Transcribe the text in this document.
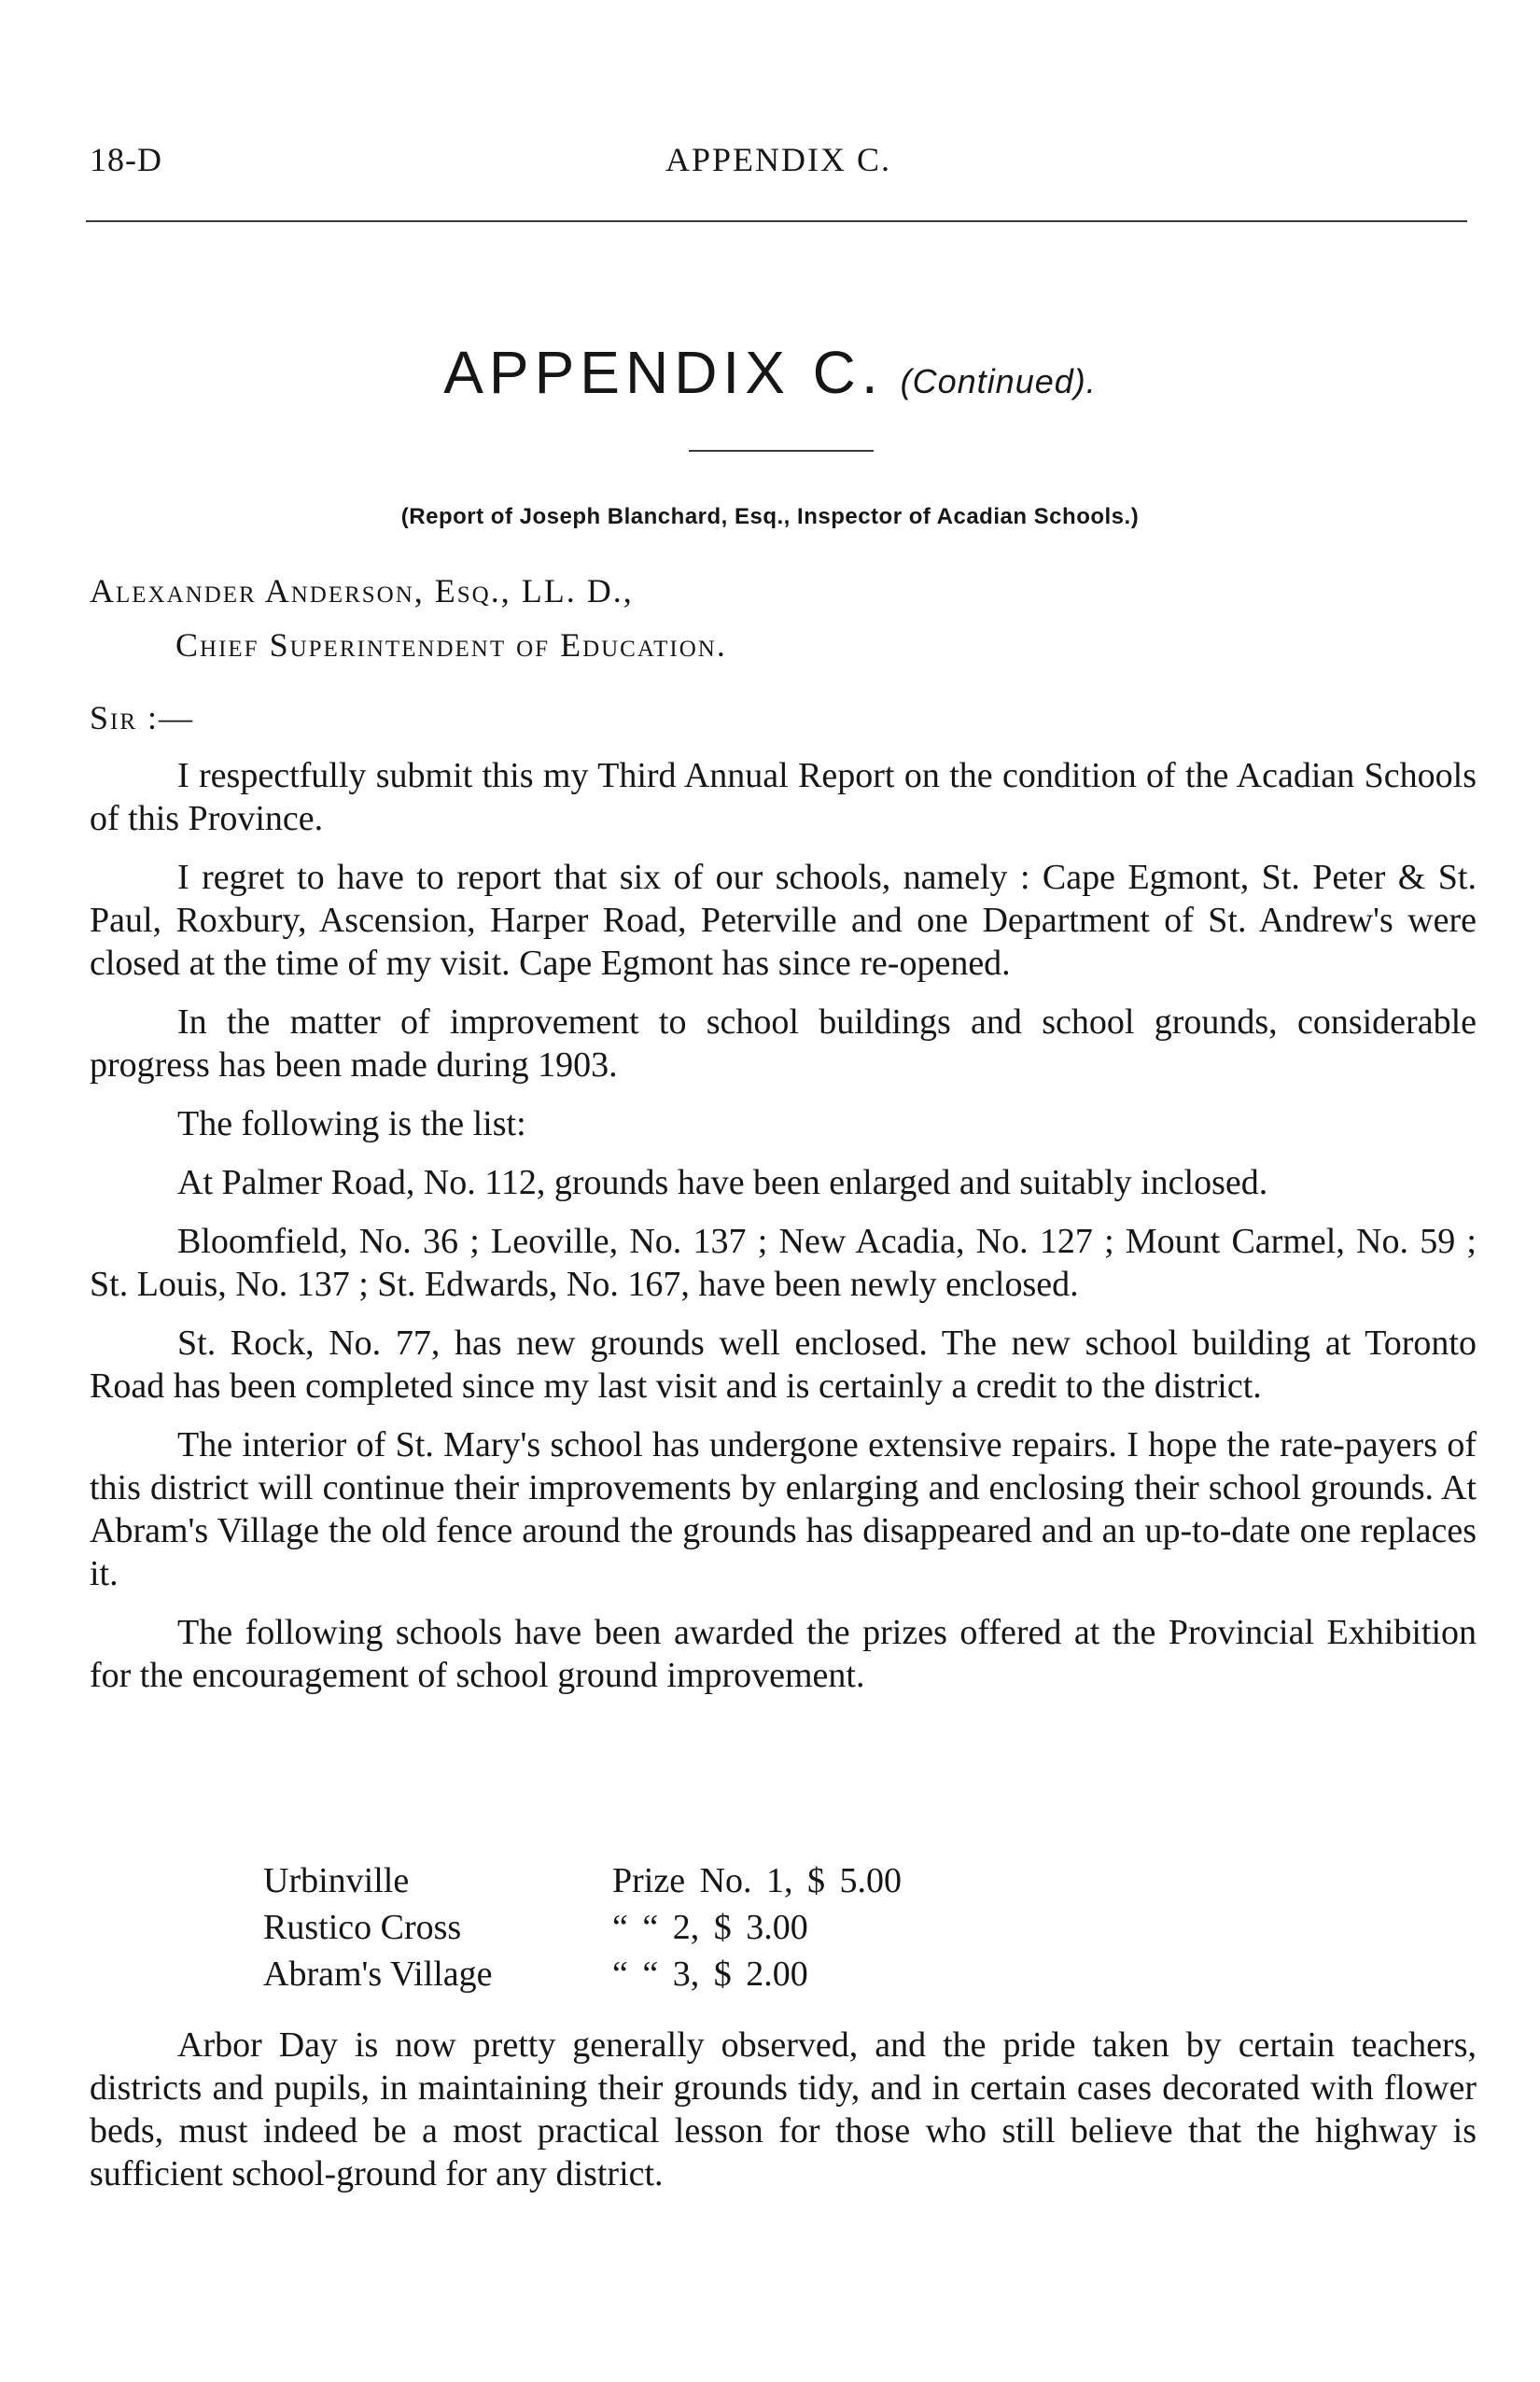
18-D	APPENDIX C.
APPENDIX C. (Continued).
(Report of Joseph Blanchard, Esq., Inspector of Acadian Schools.)
Alexander Anderson, Esq., LL. D.,
Chief Superintendent of Education.
Sir :—

I respectfully submit this my Third Annual Report on the condition of the Acadian Schools of this Province.

I regret to have to report that six of our schools, namely : Cape Egmont, St. Peter & St. Paul, Roxbury, Ascension, Harper Road, Peterville and one Department of St. Andrew's were closed at the time of my visit. Cape Egmont has since re-opened.

In the matter of improvement to school buildings and school grounds, considerable progress has been made during 1903.

The following is the list:

At Palmer Road, No. 112, grounds have been enlarged and suitably inclosed.

Bloomfield, No. 36 ; Leoville, No. 137 ; New Acadia, No. 127 ; Mount Carmel, No. 59 ; St. Louis, No. 137 ; St. Edwards, No. 167, have been newly enclosed.

St. Rock, No. 77, has new grounds well enclosed. The new school building at Toronto Road has been completed since my last visit and is certainly a credit to the district.

The interior of St. Mary's school has undergone extensive repairs. I hope the rate-payers of this district will continue their improvements by enlarging and enclosing their school grounds. At Abram's Village the old fence around the grounds has disappeared and an up-to-date one replaces it.

The following schools have been awarded the prizes offered at the Provincial Exhibition for the encouragement of school ground improvement.

Urbinville	Prize No. 1, $ 5.00
Rustico Cross	“ “ 2, $ 3.00
Abram's Village	“ “ 3, $ 2.00

Arbor Day is now pretty generally observed, and the pride taken by certain teachers, districts and pupils, in maintaining their grounds tidy, and in certain cases decorated with flower beds, must indeed be a most practical lesson for those who still believe that the highway is sufficient school-ground for any district.
